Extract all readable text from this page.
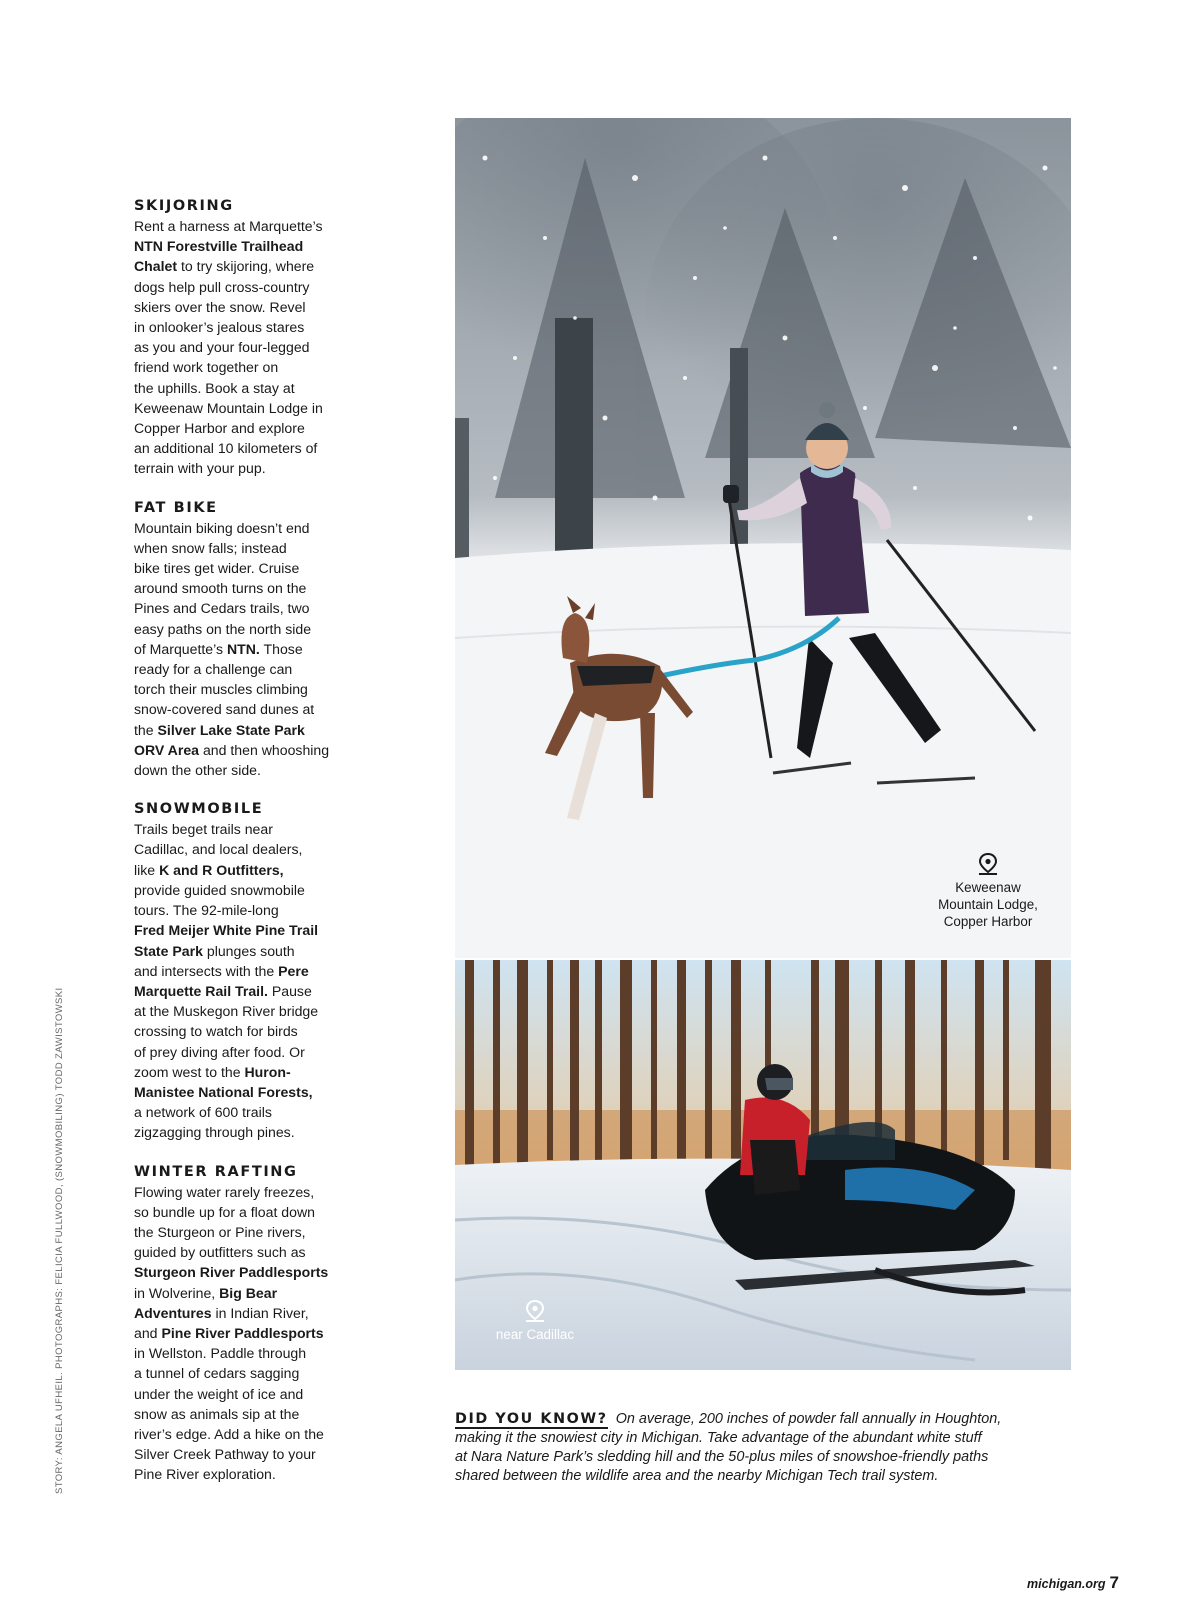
STORY: ANGELA UFHEIL. PHOTOGRAPHS: FELICIA FULLWOOD, (SNOWMOBILING) TODD ZAWISTOWSKI
SKIJORING

Rent a harness at Marquette’s
NTN Forestville Trailhead
Chalet to try skijoring, where
dogs help pull cross-country
skiers over the snow. Revel
in onlooker’s jealous stares
as you and your four-legged
friend work together on
the uphills. Book a stay at
Keweenaw Mountain Lodge in
Copper Harbor and explore
an additional 10 kilometers of
terrain with your pup.

FAT BIKE

Mountain biking doesn’t end
when snow falls; instead
bike tires get wider. Cruise
around smooth turns on the
Pines and Cedars trails, two
easy paths on the north side
of Marquette’s NTN. Those
ready for a challenge can
torch their muscles climbing
snow-covered sand dunes at
the Silver Lake State Park
ORV Area and then whooshing
down the other side.

SNOWMOBILE

Trails beget trails near
Cadillac, and local dealers,
like K and R Outfitters,
provide guided snowmobile
tours. The 92-mile-long
Fred Meijer White Pine Trail
State Park plunges south
and intersects with the Pere
Marquette Rail Trail. Pause
at the Muskegon River bridge
crossing to watch for birds
of prey diving after food. Or
zoom west to the Huron-
Manistee National Forests,
a network of 600 trails
zigzagging through pines.

WINTER RAFTING

Flowing water rarely freezes,
so bundle up for a float down
the Sturgeon or Pine rivers,
guided by outfitters such as
Sturgeon River Paddlesports
in Wolverine, Big Bear
Adventures in Indian River,
and Pine River Paddlesports
in Wellston. Paddle through
a tunnel of cedars sagging
under the weight of ice and
snow as animals sip at the
river’s edge. Add a hike on the
Silver Creek Pathway to your
Pine River exploration.

Keweenaw
Mountain Lodge,
Copper Harbor
near Cadillac

DID YOU KNOW? On average, 200 inches of powder fall annually in Houghton,
making it the snowiest city in Michigan. Take advantage of the abundant white stuff
at Nara Nature Park’s sledding hill and the 50-plus miles of snowshoe-friendly paths
shared between the wildlife area and the nearby Michigan Tech trail system.

michigan.org 7
